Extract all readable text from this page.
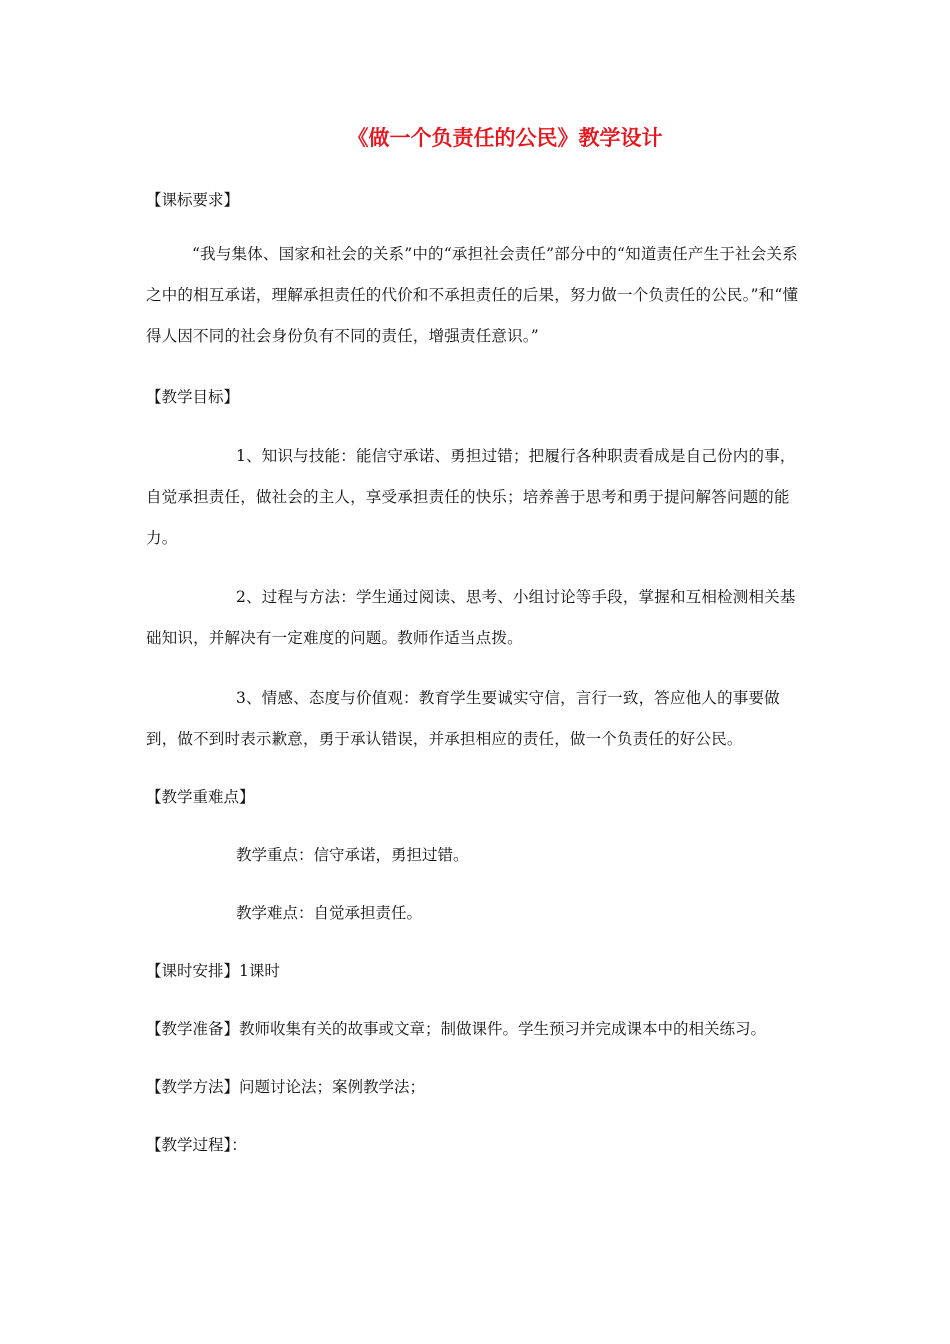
《做一个负责任的公民》教学设计
【课标要求】
“我与集体、国家和社会的关系”中的“承担社会责任”部分中的“知道责任产生于社会关系之中的相互承诺，理解承担责任的代价和不承担责任的后果，努力做一个负责任的公民。”和“懂得人因不同的社会身份负有不同的责任，增强责任意识。”
【教学目标】
1、知识与技能：能信守承诺、勇担过错；把履行各种职责看成是自己份内的事，自觉承担责任，做社会的主人，享受承担责任的快乐；培养善于思考和勇于提问解答问题的能力。
2、过程与方法：学生通过阅读、思考、小组讨论等手段，掌握和互相检测相关基础知识，并解决有一定难度的问题。教师作适当点拨。
3、情感、态度与价值观：教育学生要诚实守信，言行一致，答应他人的事要做到，做不到时表示歉意，勇于承认错误，并承担相应的责任，做一个负责任的好公民。
【教学重难点】
教学重点：信守承诺，勇担过错。
教学难点：自觉承担责任。
【课时安排】1课时
【教学准备】教师收集有关的故事或文章；制做课件。学生预习并完成课本中的相关练习。
【教学方法】问题讨论法；案例教学法；
【教学过程】：
